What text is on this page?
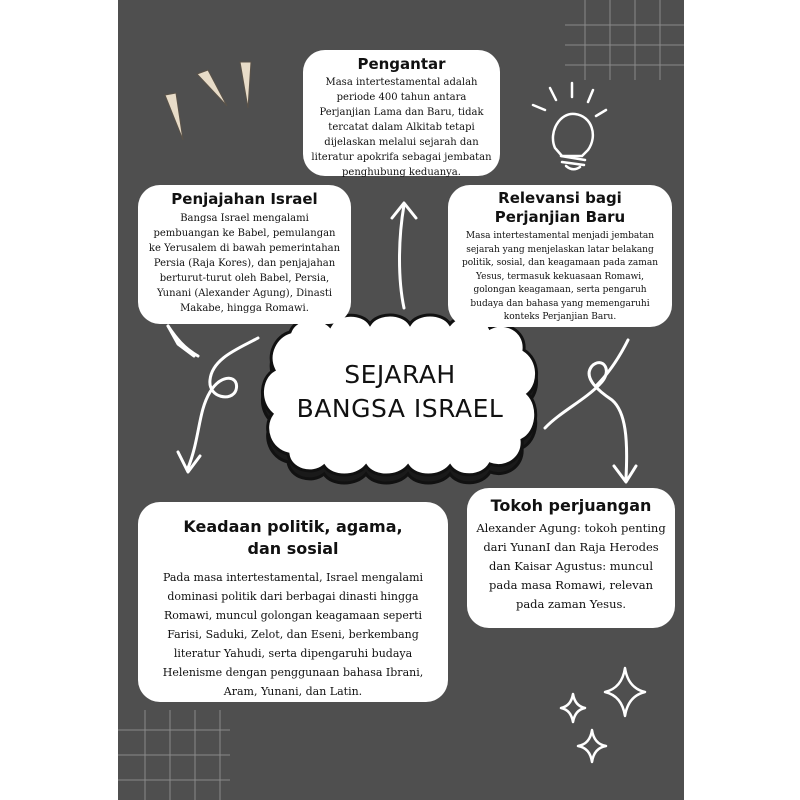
SEJARAH
BANGSA ISRAEL
Pengantar

Masa intertestamental adalah periode 400 tahun antara Perjanjian Lama dan Baru, tidak tercatat dalam Alkitab tetapi dijelaskan melalui sejarah dan literatur apokrifa sebagai jembatan penghubung keduanya.

Penjajahan Israel

Bangsa Israel mengalami pembuangan ke Babel, pemulangan ke Yerusalem di bawah pemerintahan Persia (Raja Kores), dan penjajahan berturut-turut oleh Babel, Persia, Yunani (Alexander Agung), Dinasti Makabe, hingga Romawi.

Relevansi bagi
Perjanjian Baru

Masa intertestamental menjadi jembatan sejarah yang menjelaskan latar belakang politik, sosial, dan keagamaan pada zaman Yesus, termasuk kekuasaan Romawi, golongan keagamaan, serta pengaruh budaya dan bahasa yang memengaruhi konteks Perjanjian Baru.

Keadaan politik, agama,
dan sosial

Pada masa intertestamental, Israel mengalami dominasi politik dari berbagai dinasti hingga Romawi, muncul golongan keagamaan seperti Farisi, Saduki, Zelot, dan Eseni, berkembang literatur Yahudi, serta dipengaruhi budaya Helenisme dengan penggunaan bahasa Ibrani, Aram, Yunani, dan Latin.

Tokoh perjuangan

Alexander Agung: tokoh penting dari YunanI dan Raja Herodes dan Kaisar Agustus: muncul pada masa Romawi, relevan pada zaman Yesus.
